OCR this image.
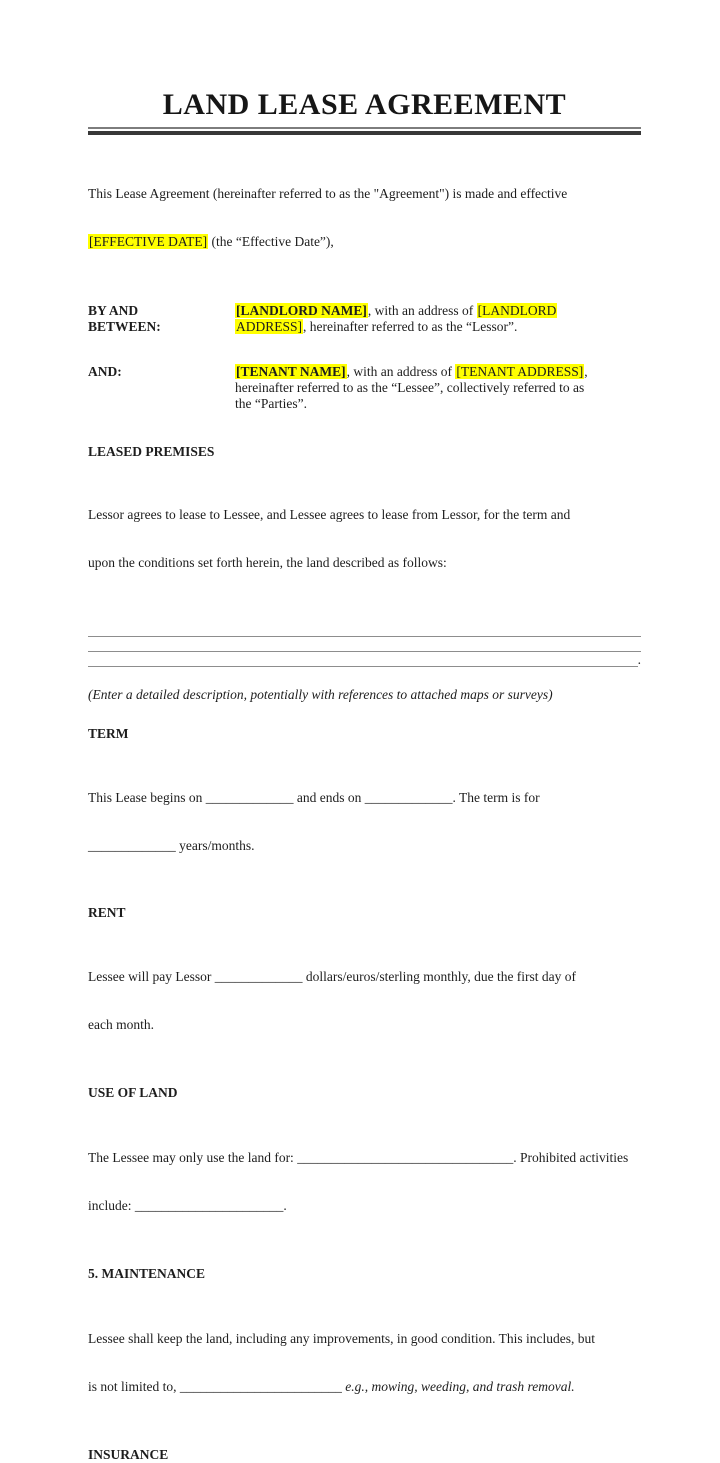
LAND LEASE AGREEMENT

This Lease Agreement (hereinafter referred to as the "Agreement") is made and effective

[EFFECTIVE DATE] (the “Effective Date”),

BY AND BETWEEN:
[LANDLORD NAME], with an address of [LANDLORD
ADDRESS], hereinafter referred to as the “Lessor”.
AND:	[TENANT NAME], with an address of [TENANT ADDRESS],
hereinafter referred to as the “Lessee”, collectively referred to as
the “Parties”.
LEASED PREMISES

Lessor agrees to lease to Lessee, and Lessee agrees to lease from Lessor, for the term and

upon the conditions set forth herein, the land described as follows:

.
(Enter a detailed description, potentially with references to attached maps or surveys)
TERM

This Lease begins on _____________ and ends on _____________. The term is for

_____________ years/months.

RENT

Lessee will pay Lessor _____________ dollars/euros/sterling monthly, due the first day of

each month.

USE OF LAND

The Lessee may only use the land for: ________________________________. Prohibited activities

include: ______________________.

5. MAINTENANCE

Lessee shall keep the land, including any improvements, in good condition. This includes, but

is not limited to, ________________________ e.g., mowing, weeding, and trash removal.

INSURANCE
